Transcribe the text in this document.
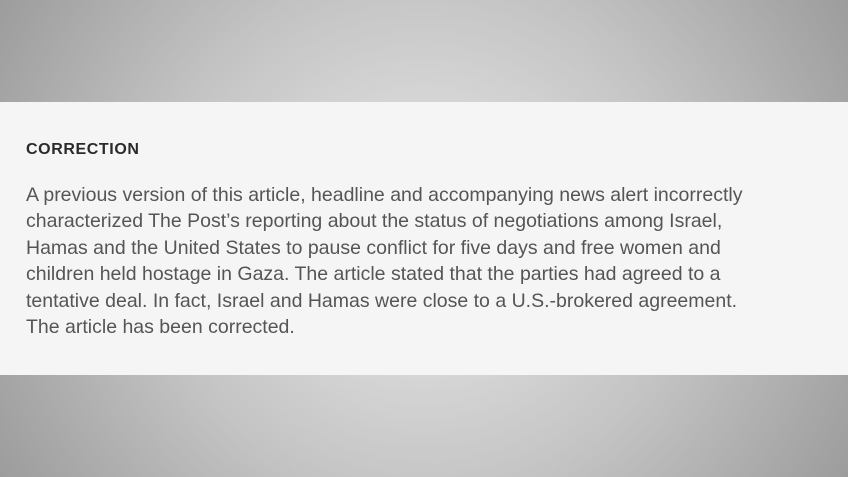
CORRECTION

A previous version of this article, headline and accompanying news alert incorrectly
characterized The Post’s reporting about the status of negotiations among Israel,
Hamas and the United States to pause conflict for five days and free women and
children held hostage in Gaza. The article stated that the parties had agreed to a
tentative deal. In fact, Israel and Hamas were close to a U.S.-brokered agreement.
The article has been corrected.
